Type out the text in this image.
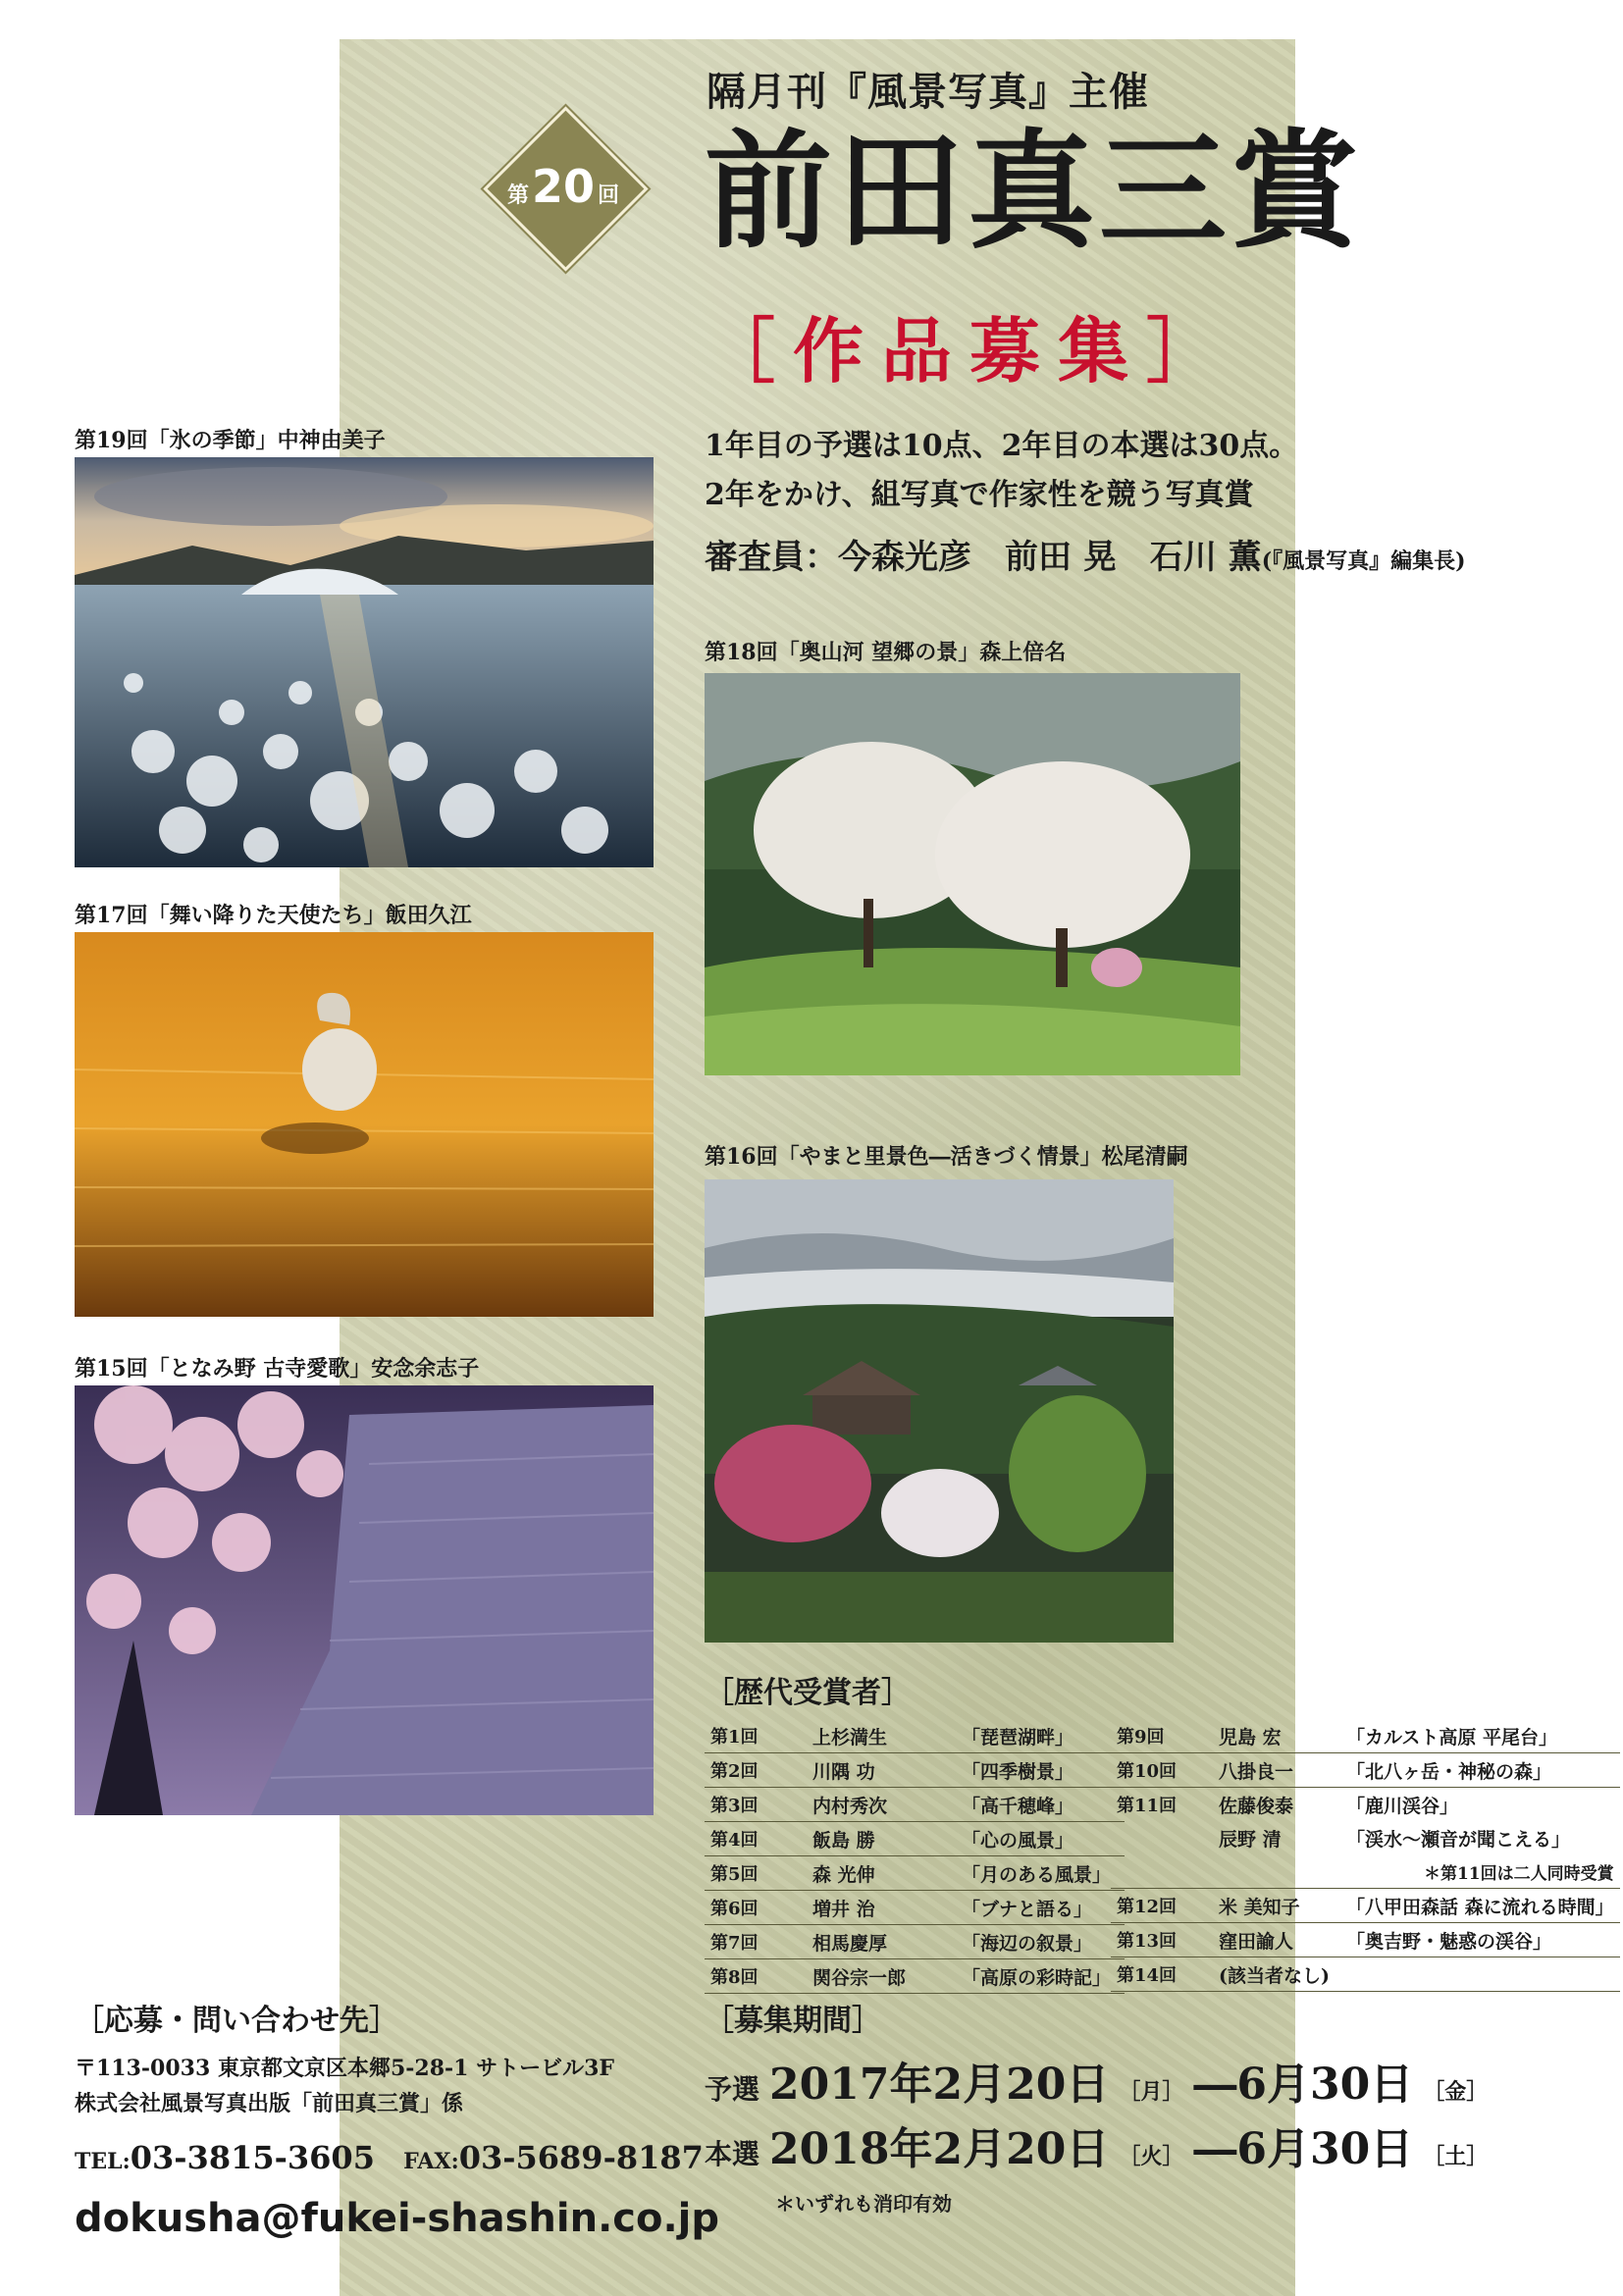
隔月刊『風景写真』主催
第 20 回 前田真三賞
［作品募集］
1年目の予選は10点、2年目の本選は30点。
2年をかけ、組写真で作家性を競う写真賞
審査員：今森光彦　前田 晃　石川 薫(『風景写真』編集長)
第19回「氷の季節」中神由美子
第18回「奥山河 望郷の景」森上倍名
第17回「舞い降りた天使たち」飯田久江
第16回「やまと里景色―活きづく情景」松尾清嗣
第15回「となみ野 古寺愛歌」安念余志子
［歴代受賞者］
第1回	上杉満生	「琵琶湖畔」
第2回	川隅 功	「四季樹景」
第3回	内村秀次	「高千穂峰」
第4回	飯島 勝	「心の風景」
第5回	森 光伸	「月のある風景」
第6回	増井 治	「ブナと語る」
第7回	相馬慶厚	「海辺の叙景」
第8回	関谷宗一郎	「高原の彩時記」
第9回	児島 宏	「カルスト高原 平尾台」
第10回	八掛良一	「北八ヶ岳・神秘の森」
第11回	佐藤俊泰	「鹿川渓谷」
	辰野 清	「渓水～瀬音が聞こえる」
＊第11回は二人同時受賞		
第12回	米 美知子	「八甲田森話 森に流れる時間」
第13回	窪田諭人	「奥吉野・魅惑の渓谷」
第14回	(該当者なし)	
［応募・問い合わせ先］
〒113-0033 東京都文京区本郷5-28-1 サトービル3F
株式会社風景写真出版「前田真三賞」係
TEL:03-3815-3605 FAX:03-5689-8187
dokusha@fukei-shashin.co.jp
［募集期間］
予選 2017年2月20日 ［月］ ―6月30日 ［金］
本選 2018年2月20日 ［火］ ―6月30日 ［土］
＊いずれも消印有効
